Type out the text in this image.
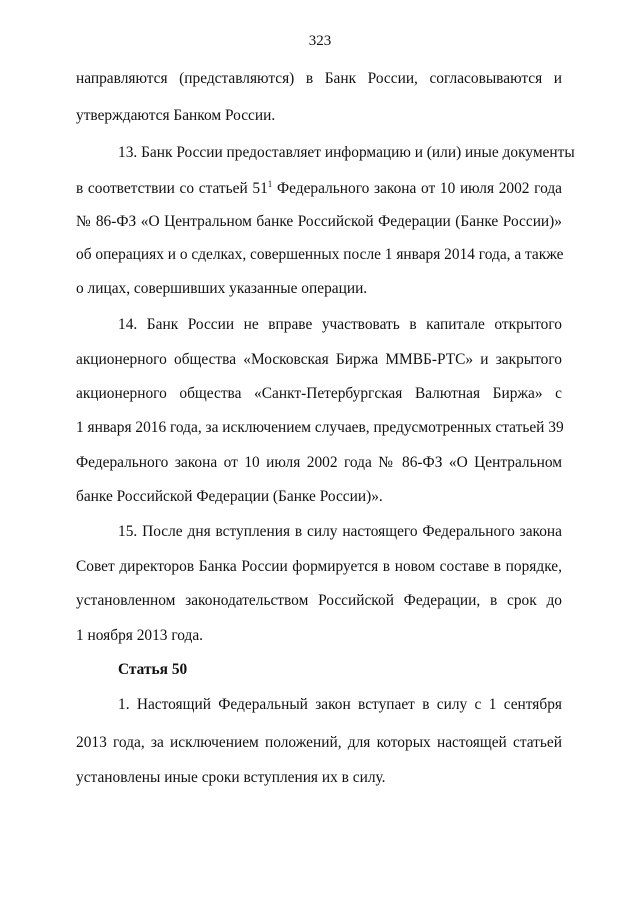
323
направляются (представляются) в Банк России, согласовываются и
утверждаются Банком России.
13. Банк России предоставляет информацию и (или) иные документы
в соответствии со статьей $51^1$ Федерального закона от 10 июля 2002 года
№ 86-ФЗ «О Центральном банке Российской Федерации (Банке России)»
об операциях и о сделках, совершенных после 1 января 2014 года, а также
о лицах, совершивших указанные операции.
14. Банк России не вправе участвовать в капитале открытого
акционерного общества «Московская Биржа ММВБ-РТС» и закрытого
акционерного общества «Санкт-Петербургская Валютная Биржа» с
1 января 2016 года, за исключением случаев, предусмотренных статьей 39
Федерального закона от 10 июля 2002 года № 86-ФЗ «О Центральном
банке Российской Федерации (Банке России)».
15. После дня вступления в силу настоящего Федерального закона
Совет директоров Банка России формируется в новом составе в порядке,
установленном законодательством Российской Федерации, в срок до
1 ноября 2013 года.
Статья 50
1. Настоящий Федеральный закон вступает в силу с 1 сентября
2013 года, за исключением положений, для которых настоящей статьей
установлены иные сроки вступления их в силу.
